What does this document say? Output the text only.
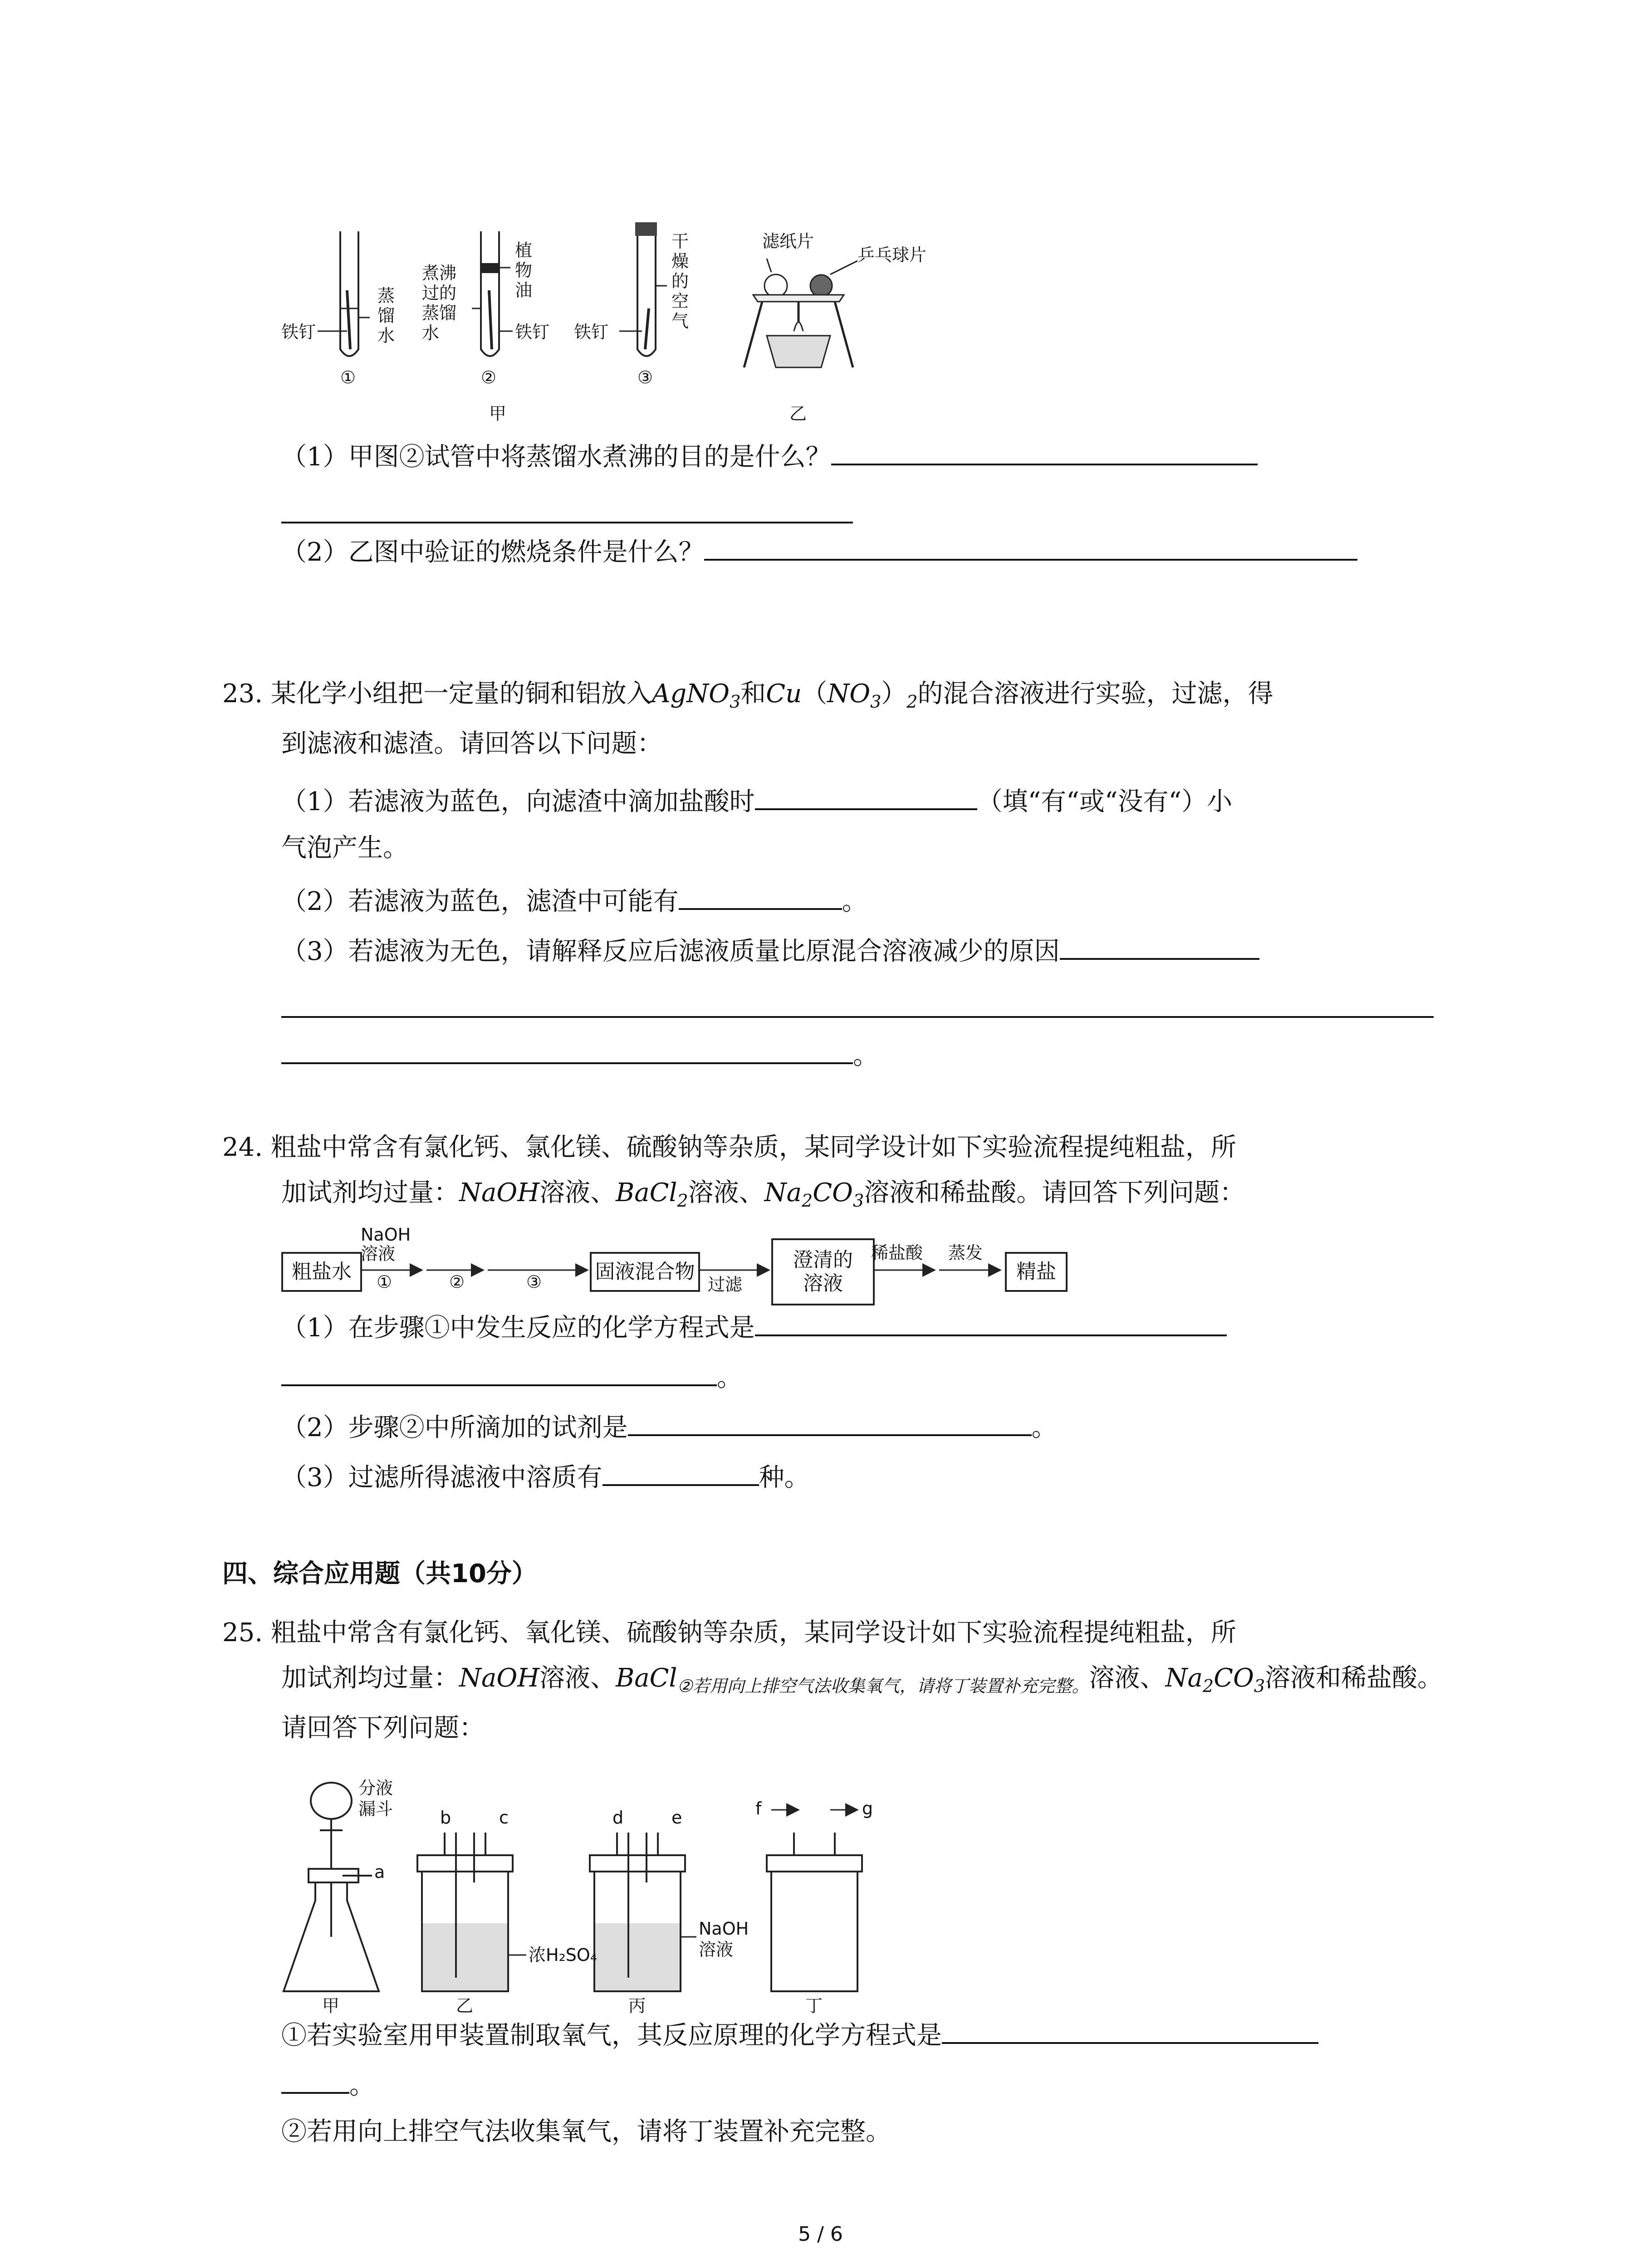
铁钉
蒸馏水
煮沸过的蒸馏水
植物油
铁钉
干燥的空气
铁钉
①	②	③
滤纸片
乒乓球片
甲	乙
（1）甲图②试管中将蒸馏水煮沸的目的是什么？
（2）乙图中验证的燃烧条件是什么？
23. 某化学小组把一定量的铜和铝放入AgNO$_3$和$Cu(NO_3)_2$的混合溶液进行实验，过滤，得
到滤液和滤渣。请回答以下问题：
（1）若滤液为蓝色，向滤渣中滴加盐酸时	（填“有“或“没有“）小
气泡产生。
（2）若滤液为蓝色，滤渣中可能有	。
（3）若滤液为无色，请解释反应后滤液质量比原混合溶液减少的原因
。
24. 粗盐中常含有氯化钙、氯化镁、硫酸钠等杂质，某同学设计如下实验流程提纯粗盐，所
加试剂均过量：NaOH溶液、BaCl$_2$溶液、$Na_2CO_3$溶液和稀盐酸。请回答下列问题：
粗盐水
NaOH
溶液
①	②	③	固液混合物
过滤
澄清的
溶液
稀盐酸 蒸发
精盐
（1）在步骤①中发生反应的化学方程式是
。
（2）步骤②中所滴加的试剂是	。
（3）过滤所得滤液中溶质有	种。
四、综合应用题（共10分）
25. 粗盐中常含有氯化钙、氧化镁、硫酸钠等杂质，某同学设计如下实验流程提纯粗盐，所
加试剂均过量：NaOH溶液、BaCl$_{②若用向上排空气法收集氧气,请将丁装置补充完整。}$溶液、$Na_2CO_3$溶液和稀盐酸。
请回答下列问题：
分液
漏斗
a
b	c	d	e	f	g
浓H₂SO₄
NaOH
溶液
甲	乙	丙	丁
①若实验室用甲装置制取氧气，其反应原理的化学方程式是
。
②若用向上排空气法收集氧气，请将丁装置补充完整。
5 / 6
